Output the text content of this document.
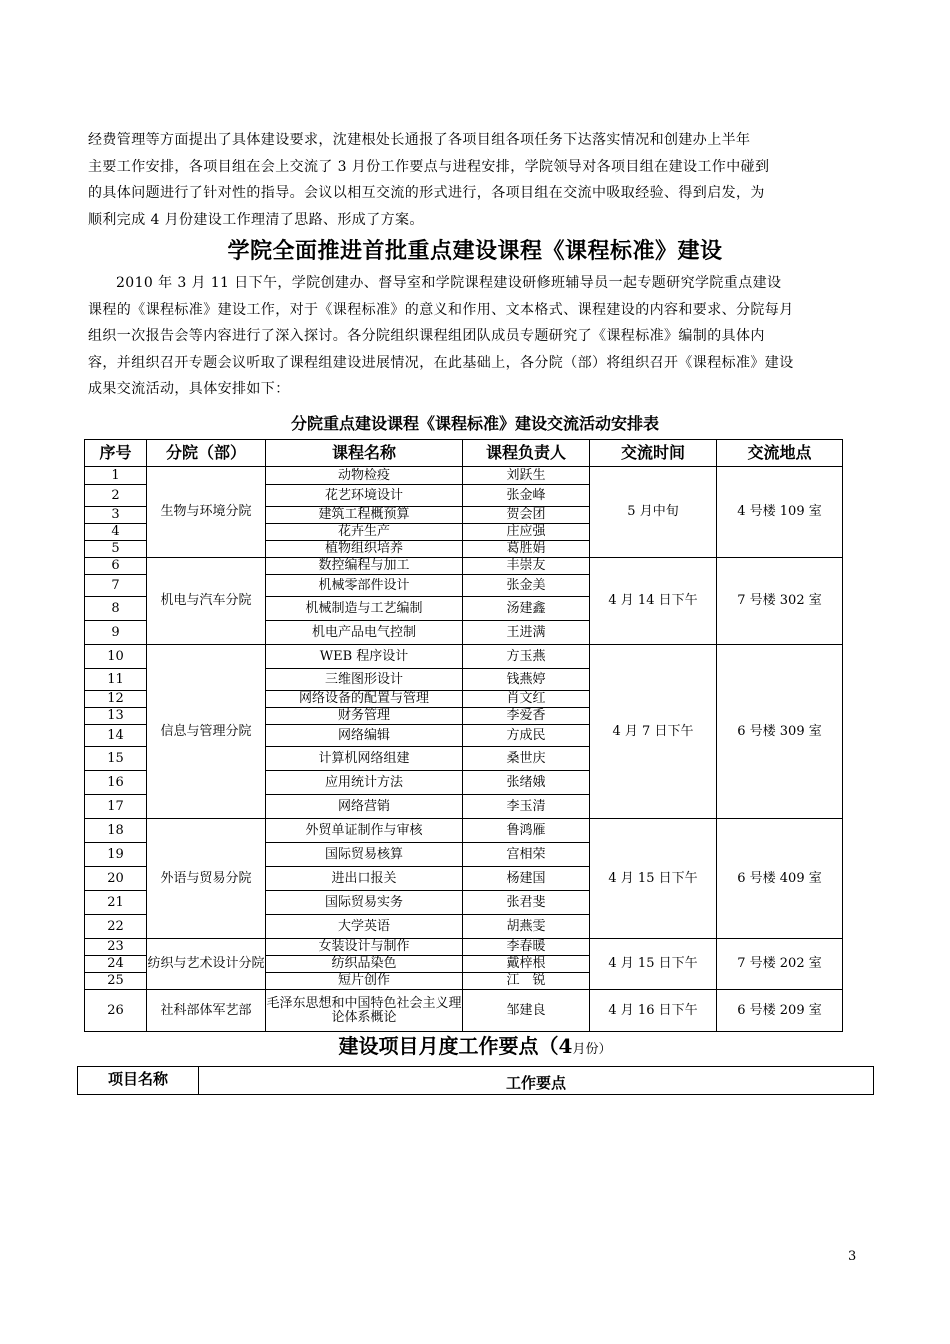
经费管理等方面提出了具体建设要求，沈建根处长通报了各项目组各项任务下达落实情况和创建办上半年
主要工作安排，各项目组在会上交流了 3 月份工作要点与进程安排，学院领导对各项目组在建设工作中碰到
的具体问题进行了针对性的指导。会议以相互交流的形式进行，各项目组在交流中吸取经验、得到启发，为
顺利完成 4 月份建设工作理清了思路、形成了方案。
学院全面推进首批重点建设课程《课程标准》建设
2010 年 3 月 11 日下午，学院创建办、督导室和学院课程建设研修班辅导员一起专题研究学院重点建设
课程的《课程标准》建设工作，对于《课程标准》的意义和作用、文本格式、课程建设的内容和要求、分院每月
组织一次报告会等内容进行了深入探讨。各分院组织课程组团队成员专题研究了《课程标准》编制的具体内
容，并组织召开专题会议听取了课程组建设进展情况，在此基础上，各分院（部）将组织召开《课程标准》建设
成果交流活动，具体安排如下：
分院重点建设课程《课程标准》建设交流活动安排表
序号	分院（部）	课程名称	课程负责人	交流时间	交流地点
1	生物与环境分院	动物检疫	刘跃生	5 月中旬	4 号楼 109 室
2		花艺环境设计	张金峰		
3		建筑工程概预算	贺会团		
4		花卉生产	庄应强		
5		植物组织培养	葛胜娟		
6	机电与汽车分院	数控编程与加工	丰崇友	4 月 14 日下午	7 号楼 302 室
7		机械零部件设计	张金美		
8		机械制造与工艺编制	汤建鑫		
9		机电产品电气控制	王进满		
10	信息与管理分院	WEB 程序设计	方玉燕	4 月 7 日下午	6 号楼 309 室
11		三维图形设计	钱燕婷		
12		网络设备的配置与管理	肖文红		
13		财务管理	李爱香		
14		网络编辑	方成民		
15		计算机网络组建	桑世庆		
16		应用统计方法	张绪娥		
17		网络营销	李玉清		
18	外语与贸易分院	外贸单证制作与审核	鲁鸿雁	4 月 15 日下午	6 号楼 409 室
19		国际贸易核算	宫相荣		
20		进出口报关	杨建国		
21		国际贸易实务	张君斐		
22		大学英语	胡燕雯		
23	纺织与艺术设计分院	女装设计与制作	李春暖	4 月 15 日下午	7 号楼 202 室
24		纺织品染色	戴梓根		
25		短片创作	江　锐		
26	社科部体军艺部	毛泽东思想和中国特色社会主义理论体系概论	邹建良	4 月 16 日下午	6 号楼 209 室
建设项目月度工作要点（4月份）
项目名称	工作要点
3
